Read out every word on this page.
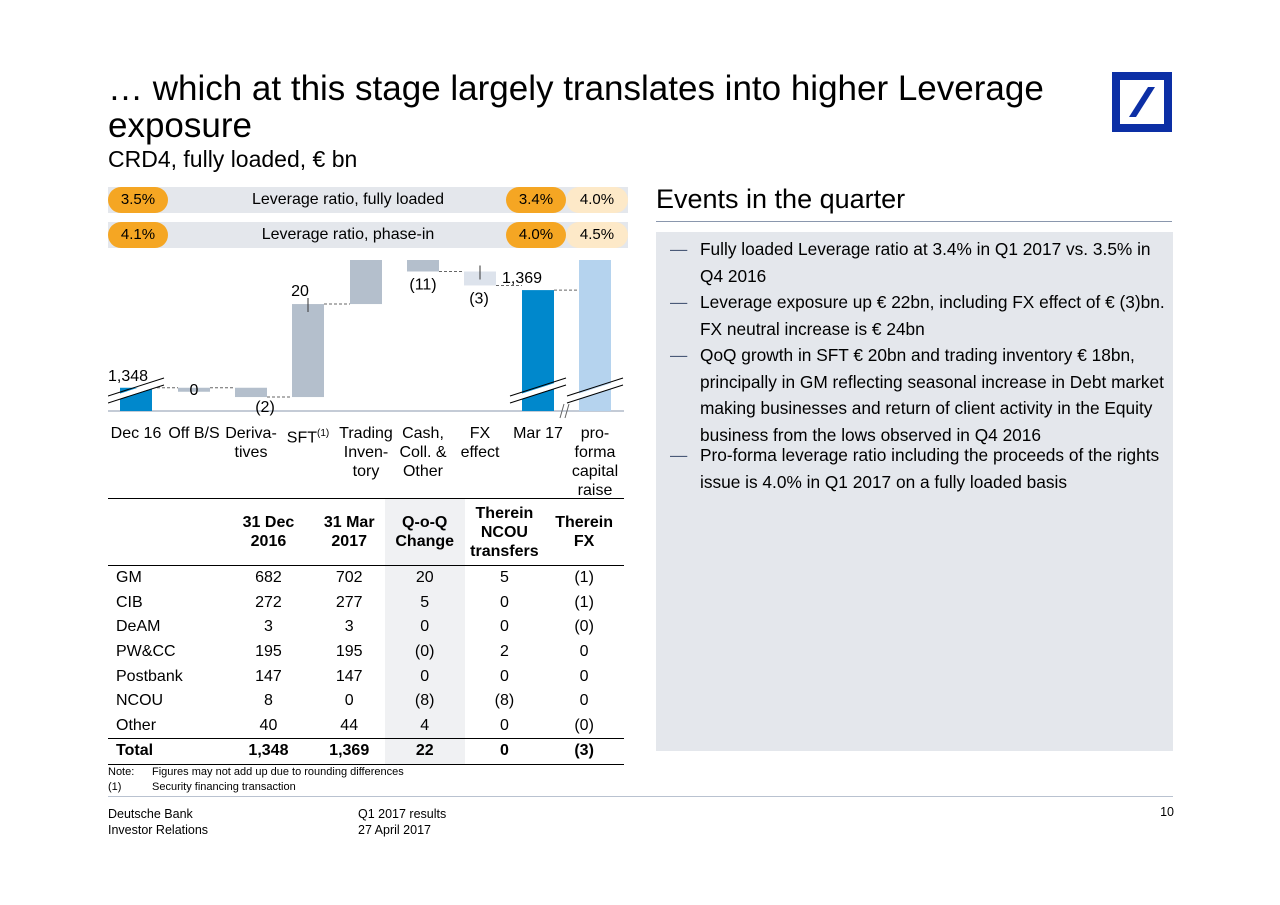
… which at this stage largely translates into higher Leverage exposure
CRD4, fully loaded, € bn
3.5%	Leverage ratio, fully loaded	3.4%	4.0%
4.1%	Leverage ratio, phase-in	4.0%	4.5%
1,348
0
(2)
20	(11)
(3)
1,369
Dec 16 Off B/S Deriva-
tives
SFT$^{(1)}$ Trading
Inven-
tory
Cash,
Coll. &
Other
FX
effect
Mar 17	pro-
forma
capital
raise
	31 Dec 2016	31 Mar 2017	Q-o-Q Change	Therein NCOU transfers	Therein FX
GM	682	702	20	5	(1)
CIB	272	277	5	0	(1)
DeAM	3	3	0	0	(0)
PW&CC	195	195	(0)	2	0
Postbank	147	147	0	0	0
NCOU	8	0	(8)	(8)	0
Other	40	44	4	0	(0)
Total	1,348	1,369	22	0	(3)
Note: Figures may not add up due to rounding differences
(1)	Security financing transaction
Events in the quarter
— Fully loaded Leverage ratio at 3.4% in Q1 2017 vs. 3.5% in Q4 2016
— Leverage exposure up € 22bn, including FX effect of € (3)bn. FX neutral increase is € 24bn
— QoQ growth in SFT € 20bn and trading inventory € 18bn, principally in GM reflecting seasonal increase in Debt market making businesses and return of client activity in the Equity business from the lows observed in Q4 2016
— Pro-forma leverage ratio including the proceeds of the rights issue is 4.0% in Q1 2017 on a fully loaded basis
Deutsche Bank
Investor Relations
Q1 2017 results
27 April 2017
10
